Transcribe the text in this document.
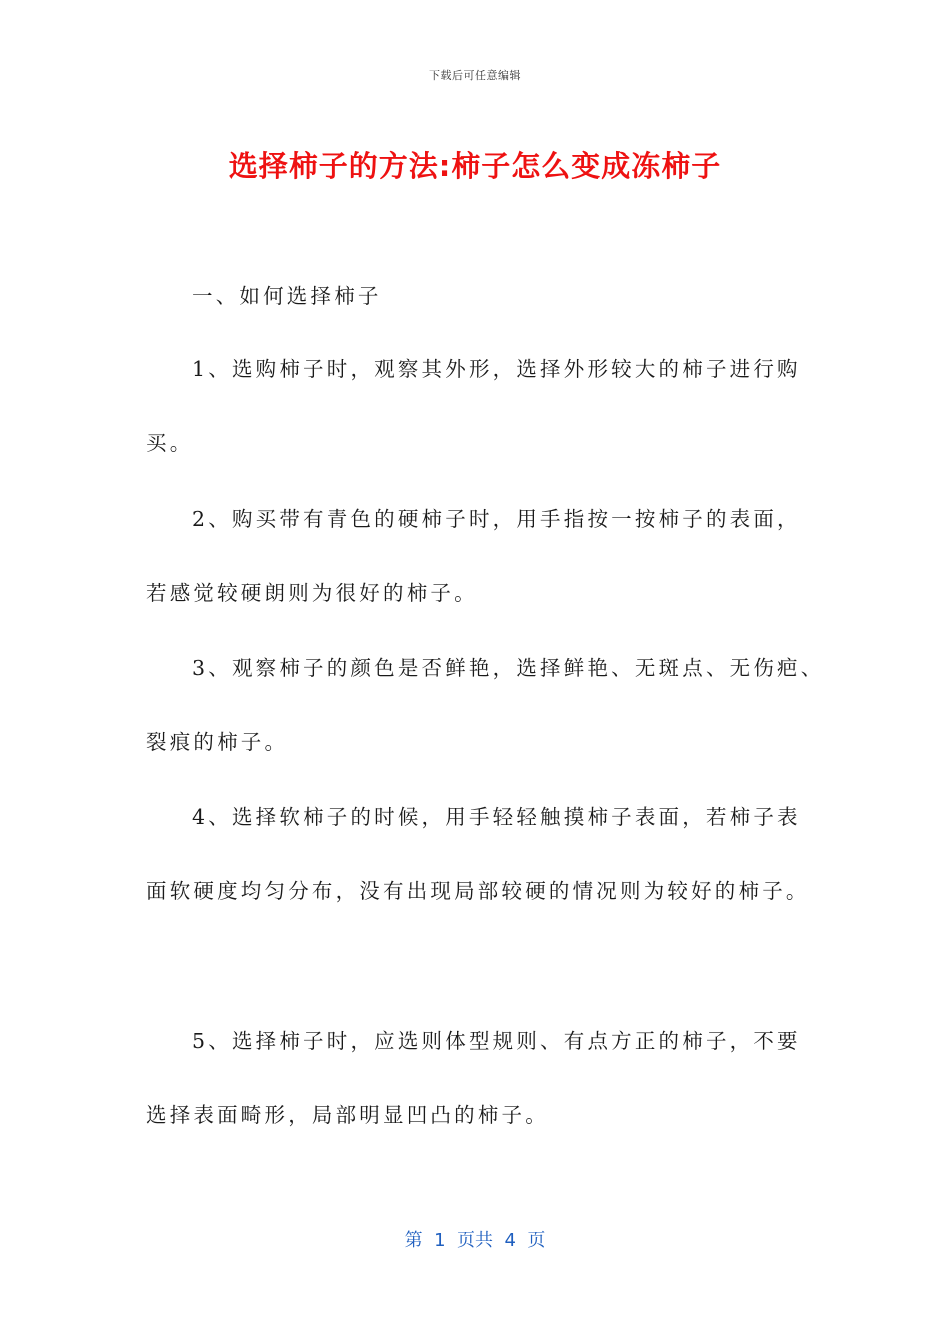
下载后可任意编辑
选择柿子的方法:柿子怎么变成冻柿子
一、如何选择柿子
1、选购柿子时，观察其外形，选择外形较大的柿子进行购
买。
2、购买带有青色的硬柿子时，用手指按一按柿子的表面，
若感觉较硬朗则为很好的柿子。
3、观察柿子的颜色是否鲜艳，选择鲜艳、无斑点、无伤疤、
裂痕的柿子。
4、选择软柿子的时候，用手轻轻触摸柿子表面，若柿子表
面软硬度均匀分布，没有出现局部较硬的情况则为较好的柿子。
5、选择柿子时，应选则体型规则、有点方正的柿子，不要
选择表面畸形，局部明显凹凸的柿子。
第  1  页共  4  页
